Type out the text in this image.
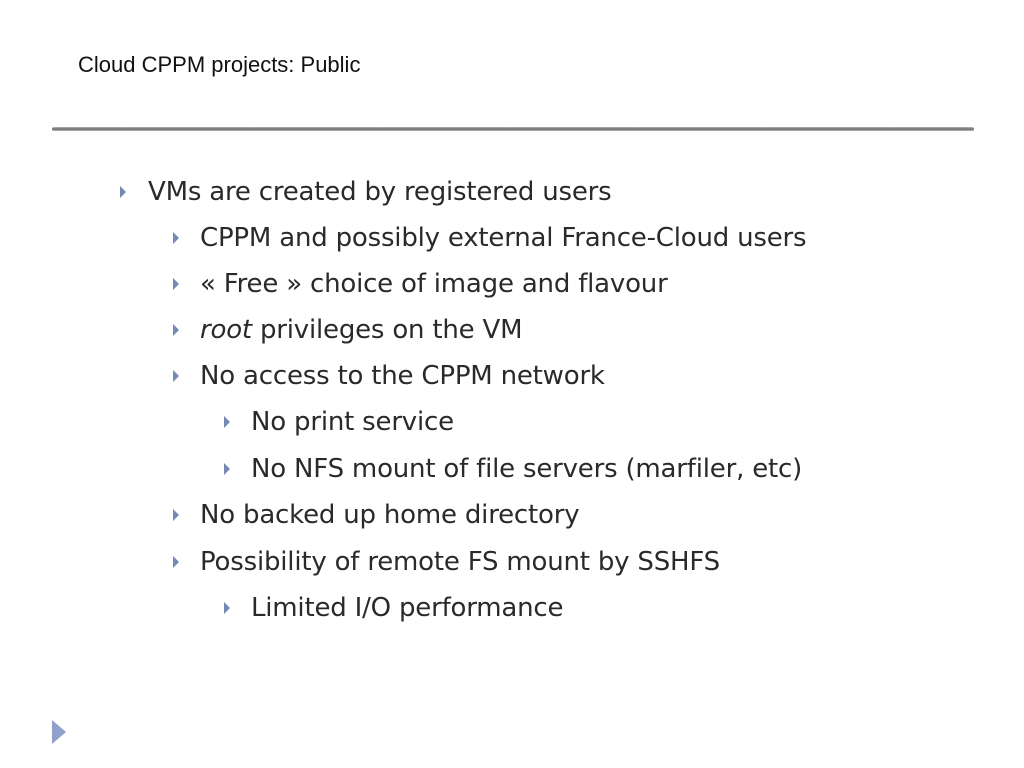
Cloud CPPM projects: Public
VMs are created by registered users
CPPM and possibly external France-Cloud users
« Free » choice of image and flavour
root privileges on the VM
No access to the CPPM network
No print service
No NFS mount of file servers (marfiler, etc)
No backed up home directory
Possibility of remote FS mount by SSHFS
Limited I/O performance
